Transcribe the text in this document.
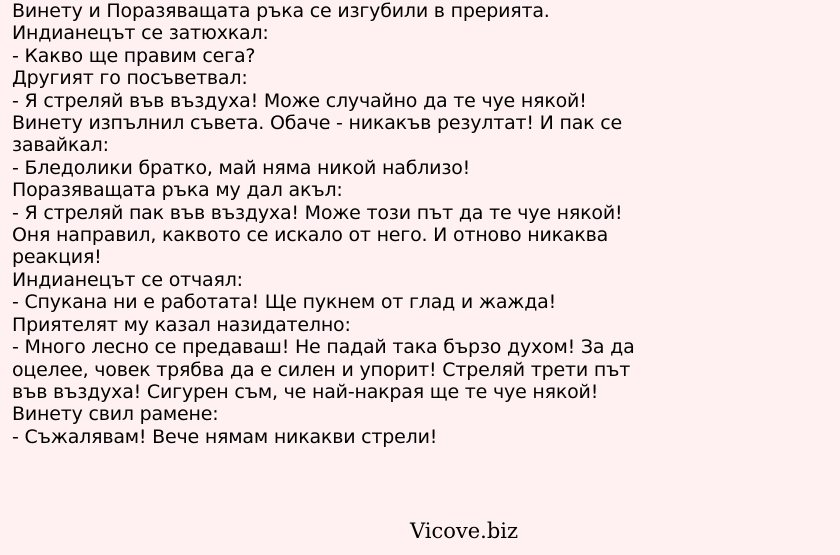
Винету и Поразяващата ръка се изгубили в прерията.
Индианецът се затюхкал:
- Какво ще правим сега?
Другият го посъветвал:
- Я стреляй във въздуха! Може случайно да те чуе някой!
Винету изпълнил съвета. Обаче - никакъв резултат! И пак се
завайкал:
- Бледолики братко, май няма никой наблизо!
Поразяващата ръка му дал акъл:
- Я стреляй пак във въздуха! Може този път да те чуе някой!
Оня направил, каквото се искало от него. И отново никаква
реакция!
Индианецът се отчаял:
- Спукана ни е работата! Ще пукнем от глад и жажда!
Приятелят му казал назидателно:
- Много лесно се предаваш! Не падай така бързо духом! За да
оцелее, човек трябва да е силен и упорит! Стреляй трети път
във въздуха! Сигурен съм, че най-накрая ще те чуе някой!
Винету свил рамене:
- Съжалявам! Вече нямам никакви стрели!
Vicove.biz
